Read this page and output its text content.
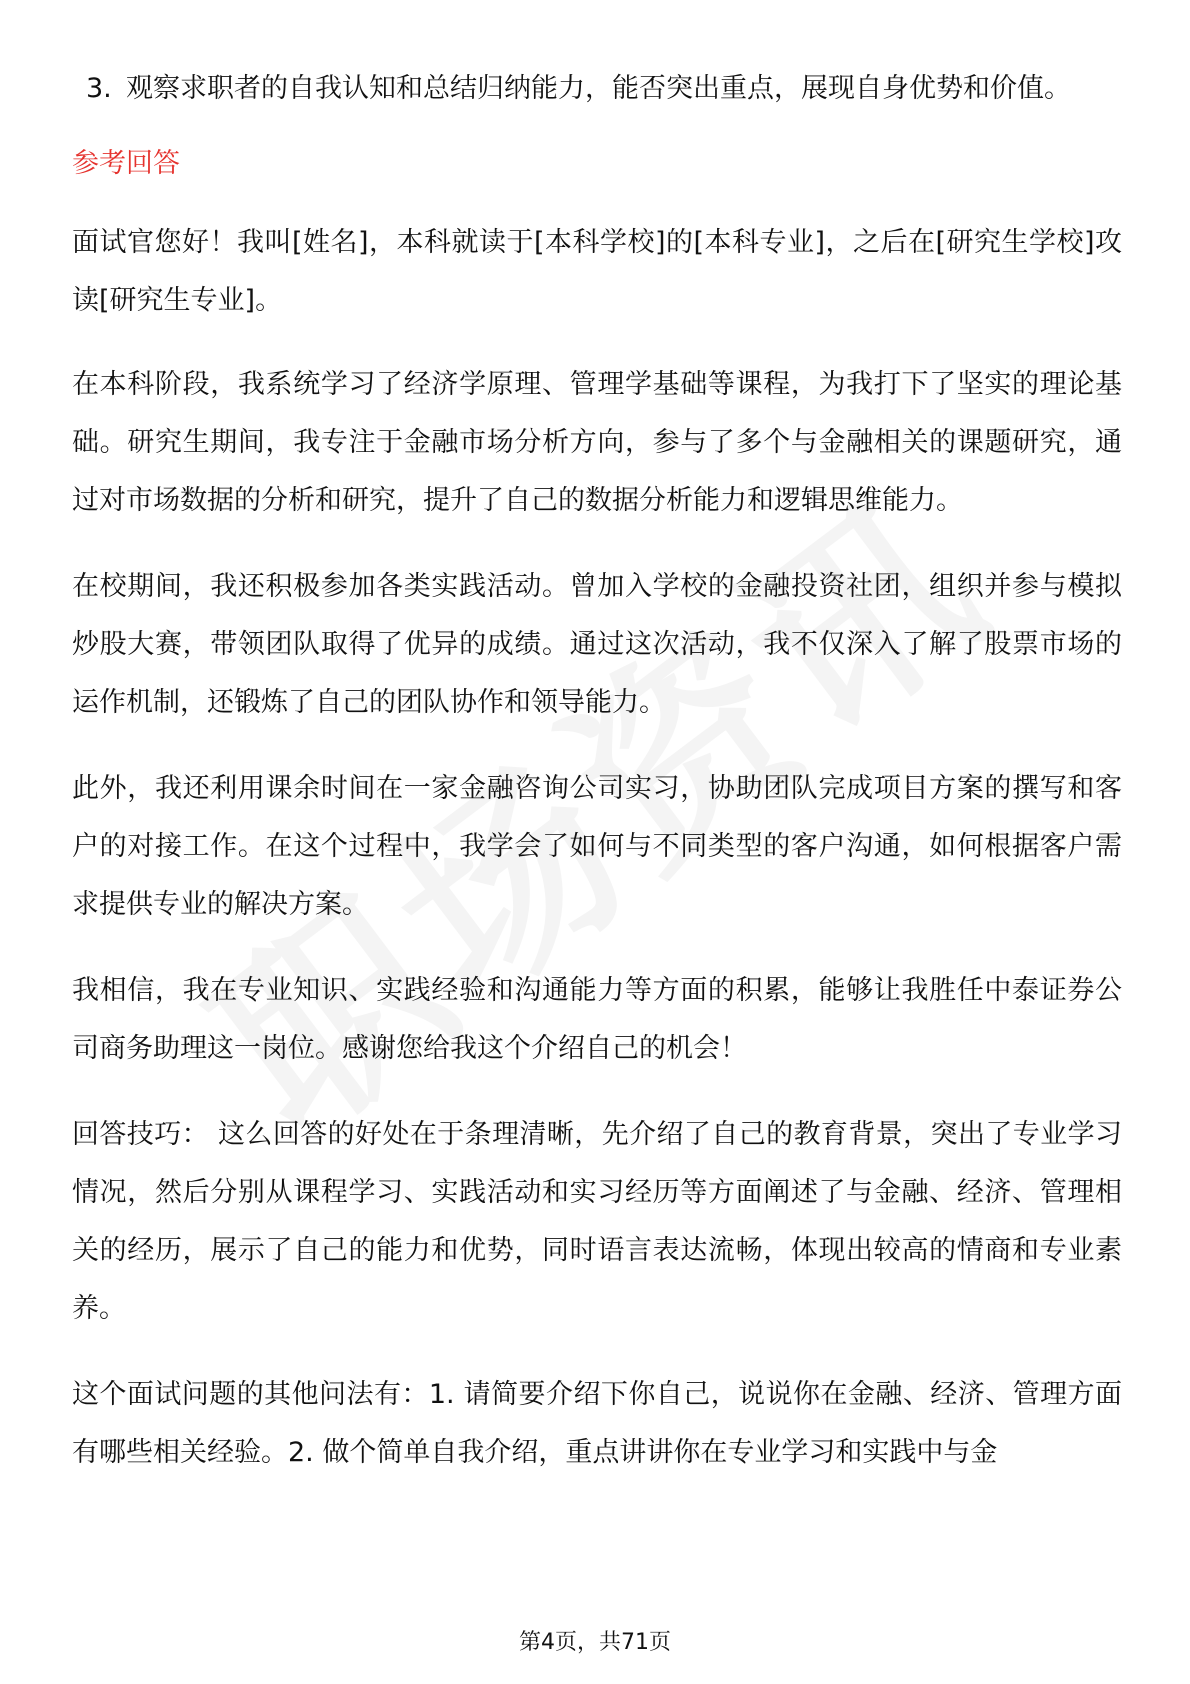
3. 观察求职者的自我认知和总结归纳能力，能否突出重点，展现自身优势和价值。

参考回答

面试官您好！我叫[姓名]，本科就读于[本科学校]的[本科专业]，之后在[研究生学校]攻读[研究生专业]。

在本科阶段，我系统学习了经济学原理、管理学基础等课程，为我打下了坚实的理论基础。研究生期间，我专注于金融市场分析方向，参与了多个与金融相关的课题研究，通过对市场数据的分析和研究，提升了自己的数据分析能力和逻辑思维能力。

在校期间，我还积极参加各类实践活动。曾加入学校的金融投资社团，组织并参与模拟炒股大赛，带领团队取得了优异的成绩。通过这次活动，我不仅深入了解了股票市场的运作机制，还锻炼了自己的团队协作和领导能力。

此外，我还利用课余时间在一家金融咨询公司实习，协助团队完成项目方案的撰写和客户的对接工作。在这个过程中，我学会了如何与不同类型的客户沟通，如何根据客户需求提供专业的解决方案。

我相信，我在专业知识、实践经验和沟通能力等方面的积累，能够让我胜任中泰证券公司商务助理这一岗位。感谢您给我这个介绍自己的机会！

回答技巧： 这么回答的好处在于条理清晰，先介绍了自己的教育背景，突出了专业学习情况，然后分别从课程学习、实践活动和实习经历等方面阐述了与金融、经济、管理相关的经历，展示了自己的能力和优势，同时语言表达流畅，体现出较高的情商和专业素养。

这个面试问题的其他问法有：1. 请简要介绍下你自己，说说你在金融、经济、管理方面有哪些相关经验。2. 做个简单自我介绍，重点讲讲你在专业学习和实践中与金

第4页，共71页
